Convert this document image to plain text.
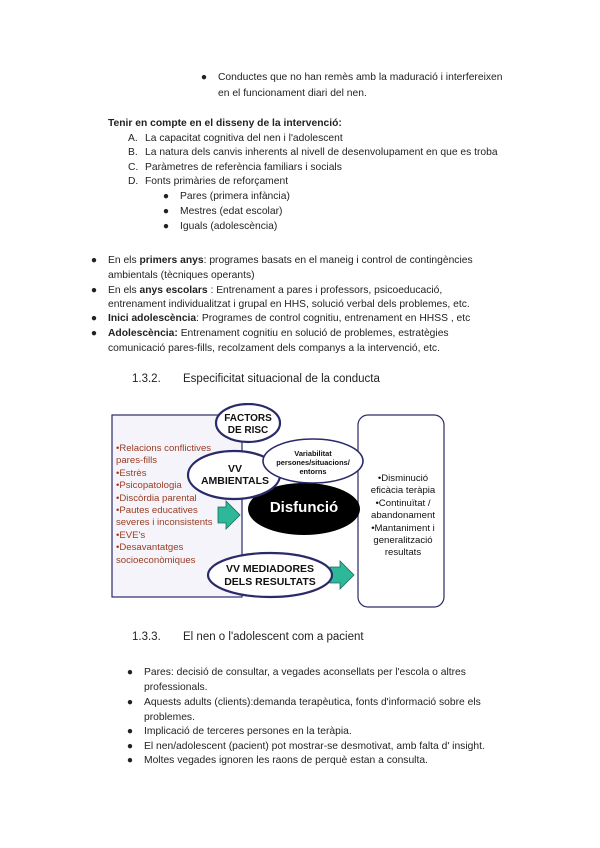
● Conductes que no han remès amb la maduració i interfereixen
en el funcionament diari del nen.
Tenir en compte en el disseny de la intervenció:
A. La capacitat cognitiva del nen i l'adolescent
B. La natura dels canvis inherents al nivell de desenvolupament en que es troba
C. Paràmetres de referència familiars i socials
D. Fonts primàries de reforçament
● Pares (primera infància)
● Mestres (edat escolar)
● Iguals (adolescència)
● En els primers anys: programes basats en el maneig i control de contingències
ambientals (tècniques operants)
● En els anys escolars : Entrenament a pares i professors, psicoeducació,
entrenament individualitzat i grupal en HHS, solució verbal dels problemes, etc.
● Inici adolescència: Programes de control cognitiu, entrenament en HHSS , etc
● Adolescència: Entrenament cognitiu en solució de problemes, estratègies
comunicació pares-fills, recolzament dels companys a la intervenció, etc.
1.3.2. Especificitat situacional de la conducta
FACTORS
DE RISC
•Relacions conflictives
pares-fills
•Estrès
•Psicopatologia
•Discòrdia parental
•Pautes educatives
severes i inconsistents
•EVE's
•Desavantatges
socioeconòmiques
VV
AMBIENTALS
Variabilitat
persones/situacions/
entorns
Disfunció
VV MEDIADORES
DELS RESULTATS
•Disminució
eficàcia teràpia
•Continuïtat /
abandonament
•Mantaniment i
generalització
resultats
1.3.3. El nen o l'adolescent com a pacient
● Pares: decisió de consultar, a vegades aconsellats per l'escola o altres
professionals.
● Aquests adults (clients):demanda terapèutica, fonts d'informació sobre els
problemes.
● Implicació de terceres persones en la teràpia.
● El nen/adolescent (pacient) pot mostrar-se desmotivat, amb falta d' insight.
● Moltes vegades ignoren les raons de perquè estan a consulta.
